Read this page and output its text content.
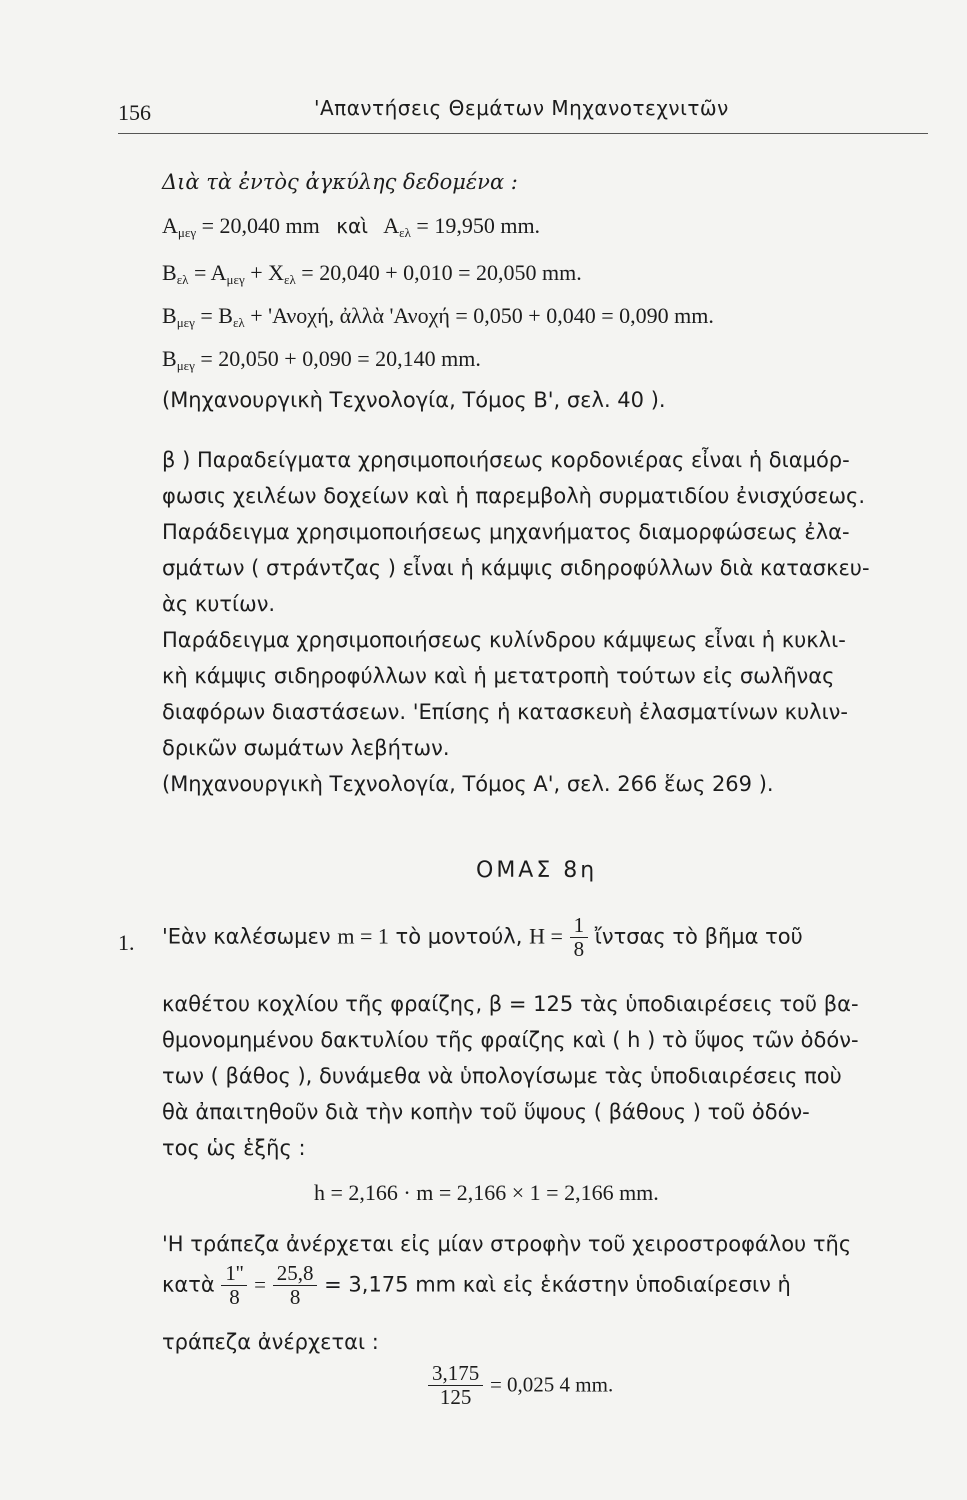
156	'Απαντήσεις Θεμάτων Μηχανοτεχνιτῶν
Διὰ τὰ ἐντὸς ἀγκύλης δεδομένα :
$A_{\mu\varepsilon\gamma} = 20,040$ mm καὶ $A_{\varepsilon\lambda} = 19,950$ mm.
$B_{\varepsilon\lambda} = A_{\mu\varepsilon\gamma} + X_{\varepsilon\lambda} = 20,040 + 0,010 = 20,050$ mm.
$B_{\mu\varepsilon\gamma} = B_{\varepsilon\lambda}$ + 'Ανοχή, ἀλλὰ 'Ανοχή = 0,050 + 0,040 = 0,090 mm.
$B_{\mu\varepsilon\gamma} = 20,050 + 0,090 = 20,140$ mm.
(Μηχανουργικὴ Τεχνολογία, Τόμος Β', σελ. 40 ).
β ) Παραδείγματα χρησιμοποιήσεως κορδονιέρας εἶναι ἡ διαμόρ-
φωσις χειλέων δοχείων καὶ ἡ παρεμβολὴ συρματιδίου ἐνισχύσεως.
Παράδειγμα χρησιμοποιήσεως μηχανήματος διαμορφώσεως ἐλα-
σμάτων ( στράντζας ) εἶναι ἡ κάμψις σιδηροφύλλων διὰ κατασκευ-
ὰς κυτίων.
Παράδειγμα χρησιμοποιήσεως κυλίνδρου κάμψεως εἶναι ἡ κυκλι-
κὴ κάμψις σιδηροφύλλων καὶ ἡ μετατροπὴ τούτων εἰς σωλῆνας
διαφόρων διαστάσεων. 'Επίσης ἡ κατασκευὴ ἐλασματίνων κυλιν-
δρικῶν σωμάτων λεβήτων.
(Μηχανουργικὴ Τεχνολογία, Τόμος Α', σελ. 266 ἕως 269 ).
ΟΜΑΣ 8η
1. 'Εὰν καλέσωμεν m = 1 τὸ μοντούλ, $H = \frac{1}{8}$ ἴντσας τὸ βῆμα τοῦ
καθέτου κοχλίου τῆς φραίζης, β = 125 τὰς ὑποδιαιρέσεις τοῦ βα-
θμονομημένου δακτυλίου τῆς φραίζης καὶ ( h ) τὸ ὕψος τῶν ὀδόν-
των ( βάθος ), δυνάμεθα νὰ ὑπολογίσωμε τὰς ὑποδιαιρέσεις ποὺ
θὰ ἀπαιτηθοῦν διὰ τὴν κοπὴν τοῦ ὕψους ( βάθους ) τοῦ ὀδόν-
τος ὡς ἑξῆς :
h = 2,166 · m = 2,166 × 1 = 2,166 mm.
'Η τράπεζα ἀνέρχεται εἰς μίαν στροφὴν τοῦ χειροστροφάλου τῆς
κατὰ $\frac{1''}{8} = \frac{25,8}{8} = 3,175$ mm καὶ εἰς ἑκάστην ὑποδιαίρεσιν ἡ
τράπεζα ἀνέρχεται :
$\frac{3,175}{125} = 0,025$ 4 mm.
